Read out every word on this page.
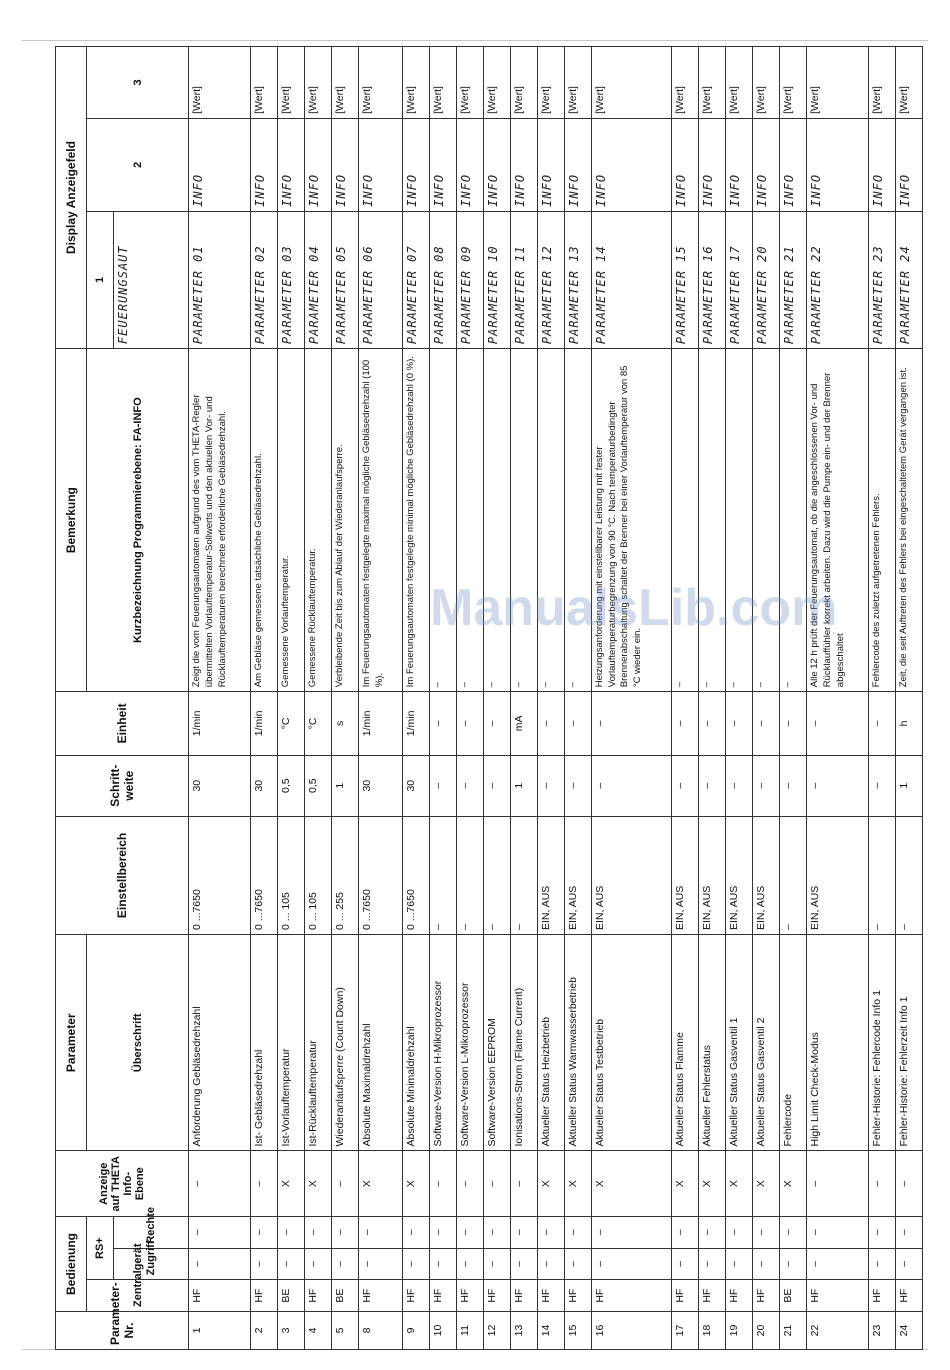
Parameter-Nr.	Bedienung			Anzeige auf THETA Info-Ebene	Parameter	Einstellbereich	Schritt-weite	Einheit	Bemerkung	Display Anzeigefeld		
	Zentralgerät	RS+			Überschrift				Kurzbezeichnung Programmierebene: FA-INFO	1	2	3
		Zugriff	Rechte							FEUERUNGSAUT		
1	HF	–	–	–	Anforderung Gebläsedrehzahl	0 ...7650	30	1/min	Zeigt die vom Feuerungsautomaten aufgrund des vom THETA-Regler übermittelten Vorlauftemperatur-Sollwerts und den aktuellen Vor- und Rücklauftemperaturen berechnete erforderliche Gebläsedrehzahl.	PARAMETER 01	INFO	[Wert]
2	HF	–	–	–	Ist- Gebläsedrehzahl	0 ...7650	30	1/min	Am Gebläse gemessene tatsächliche Gebläsedrehzahl.	PARAMETER 02	INFO	[Wert]
3	BE	–	–	X	Ist-Vorlauftemperatur	0 ... 105	0,5	°C	Gemessene Vorlauftemperatur.	PARAMETER 03	INFO	[Wert]
4	HF	–	–	X	Ist-Rücklauftemperatur	0 ... 105	0,5	°C	Gemessene Rücklauftemperatur.	PARAMETER 04	INFO	[Wert]
5	BE	–	–	–	Wiederanlaufsperre (Count Down)	0 ... 255	1	s	Verbleibende Zeit bis zum Ablauf der Wiederanlaufsperre.	PARAMETER 05	INFO	[Wert]
8	HF	–	–	X	Absolute Maximaldrehzahl	0 ...7650	30	1/min	Im Feuerungsautomaten festgelegte maximal mögliche Gebläsedrehzahl (100 %).	PARAMETER 06	INFO	[Wert]
9	HF	–	–	X	Absolute Minimaldrehzahl	0 ...7650	30	1/min	Im Feuerungsautomaten festgelegte minimal mögliche Gebläsedrehzahl (0 %).	PARAMETER 07	INFO	[Wert]
10	HF	–	–	–	Software-Version H-Mikroprozessor	–	–	–	–	PARAMETER 08	INFO	[Wert]
11	HF	–	–	–	Software-Version L-Mikroprozessor	–	–	–	–	PARAMETER 09	INFO	[Wert]
12	HF	–	–	–	Software-Version EEPROM	–	–	–	–	PARAMETER 10	INFO	[Wert]
13	HF	–	–	–	Ionisations-Strom (Flame Current)	–	1	mA	–	PARAMETER 11	INFO	[Wert]
14	HF	–	–	X	Aktueller Status Heizbetrieb	EIN, AUS	–	–	–	PARAMETER 12	INFO	[Wert]
15	HF	–	–	X	Aktueller Status Warmwasserbetrieb	EIN, AUS	–	–	–	PARAMETER 13	INFO	[Wert]
16	HF	–	–	X	Aktueller Status Testbetrieb	EIN, AUS	–	–	Heizungsanforderung mit einstellbarer Leistung mit fester Vorlauftemperaturbegrenzung von 90 °C. Nach temperaturbedingter Brennerabschaltung schaltet der Brenner bei einer Vorlauftemperatur von 85 °C wieder ein.	PARAMETER 14	INFO	[Wert]
17	HF	–	–	X	Aktueller Status Flamme	EIN, AUS	–	–	–	PARAMETER 15	INFO	[Wert]
18	HF	–	–	X	Aktueller Fehlerstatus	EIN, AUS	–	–	–	PARAMETER 16	INFO	[Wert]
19	HF	–	–	X	Aktueller Status Gasventil 1	EIN, AUS	–	–	–	PARAMETER 17	INFO	[Wert]
20	HF	–	–	X	Aktueller Status Gasventil 2	EIN, AUS	–	–	–	PARAMETER 20	INFO	[Wert]
21	BE	–	–	X	Fehlercode	–	–	–	–	PARAMETER 21	INFO	[Wert]
22	HF	–	–	–	High Limit Check-Modus	EIN, AUS	–	–	Alle 12 h prüft der Feuerungsautomat, ob die angeschlossenen Vor- und Rücklauffühler korrekt arbeiten. Dazu wird die Pumpe ein- und der Brenner abgeschaltet	PARAMETER 22	INFO	[Wert]
23	HF	–	–	–	Fehler-Historie: Fehlercode Info 1	–	–	–	Fehlercode des zuletzt aufgetretenen Fehlers.	PARAMETER 23	INFO	[Wert]
24	HF	–	–	–	Fehler-Historie: Fehlerzeit Info 1	–	1	h	Zeit, die seit Auftreten des Fehlers bei eingeschaltetem Gerät vergangen ist.	PARAMETER 24	INFO	[Wert]
ManualsLib.com
